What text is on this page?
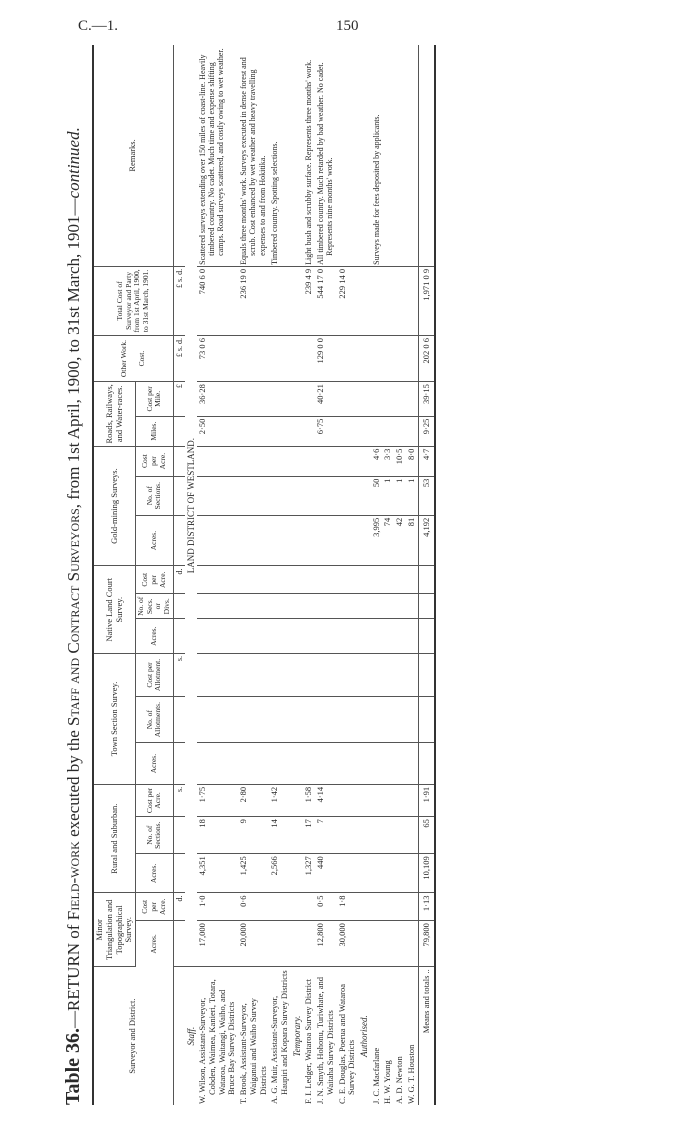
C.—1.	150
Table 36.—RETURN of Field-work executed by the Staff and Contract Surveyors, from 1st April, 1900, to 31st March, 1901—continued.
Surveyor and District.	Minor Triangulation and Topographical Survey.		Rural and Suburban.			Town Section Survey.			Native Land Court Survey.			Gold-mining Surveys.			Roads, Railways, and Water-races.		Other Work. Cost.	Total Cost of Surveyor and Party from 1st April, 1900, to 31st March, 1901.	Remarks.
	Acres.	Cost per Acre.	Acres.	No. of Sections.	Cost per Acre.	Acres.	No. of Allotments.	Cost per Allotment.	Acres.	No. of Secs. or Divs.	Cost per Acre.	Acres.	No. of Sections.	Cost per Acre.	Miles.	Cost per Mile.			
		d.			s.			s.			d.					£	£ s. d.	£ s. d.	
Staff.	LAND DISTRICT OF WESTLAND.																		
W. Wilson, Assistant-Surveyor, Cobden, Waimea, Kanieri, Totara, Wataroa, Waitangi, Waiho, and Bruce Bay Survey Districts	17,000	1·0	4,351	18	1·75										2·50	36·28	73 0 6	740 6 0	Scattered surveys extending over 150 miles of coast-line. Heavily timbered country. No cadet. Much time and expense shifting camps. Road surveys scattered, and costly owing to wet weather.
T. Brook, Assistant-Surveyor, Waiganui and Waiho Survey Districts	20,000	0·6	1,425	9	2·80													236 19 0	Equals three months' work. Surveys executed in dense forest and scrub. Cost enhanced by wet weather and heavy travelling expenses to and from Hokitika.
A. G. Muir, Assistant-Surveyor, Haupiri and Kopara Survey Districts			2,566	14	1·42														Timbered country. Spotting selections.
Temporary.																			
F. I. Ledger, Wataroa Survey District			1,327	17	1·58													239 4 9	Light bush and scrubby surface. Represents three months' work.
J. N. Smyth, Hohonu, Turiwhate, and Waitaha Survey Districts	12,800	0·5	440	7	4·14										6·75	40·21	129 0 0	544 17 0	All timbered country. Much retarded by bad weather. No cadet. Represents nine months' work.
C. E. Douglas, Poerua and Wataroa Survey Districts	30,000	1·8																229 14 0	
Authorised.																			
J. C. Macfarlane												3,995	50	4·6					Surveys made for fees deposited by applicants.
H. W. Young												74	1	3·3					
A. D. Newton												42	1	10·5					
W. G. T. Houston												81	1	8·0					
Means and totals ..	79,800	1·13	10,109	65	1·91							4,192	53	4·7	9·25	39·15	202 0 6	1,971 0 9	
